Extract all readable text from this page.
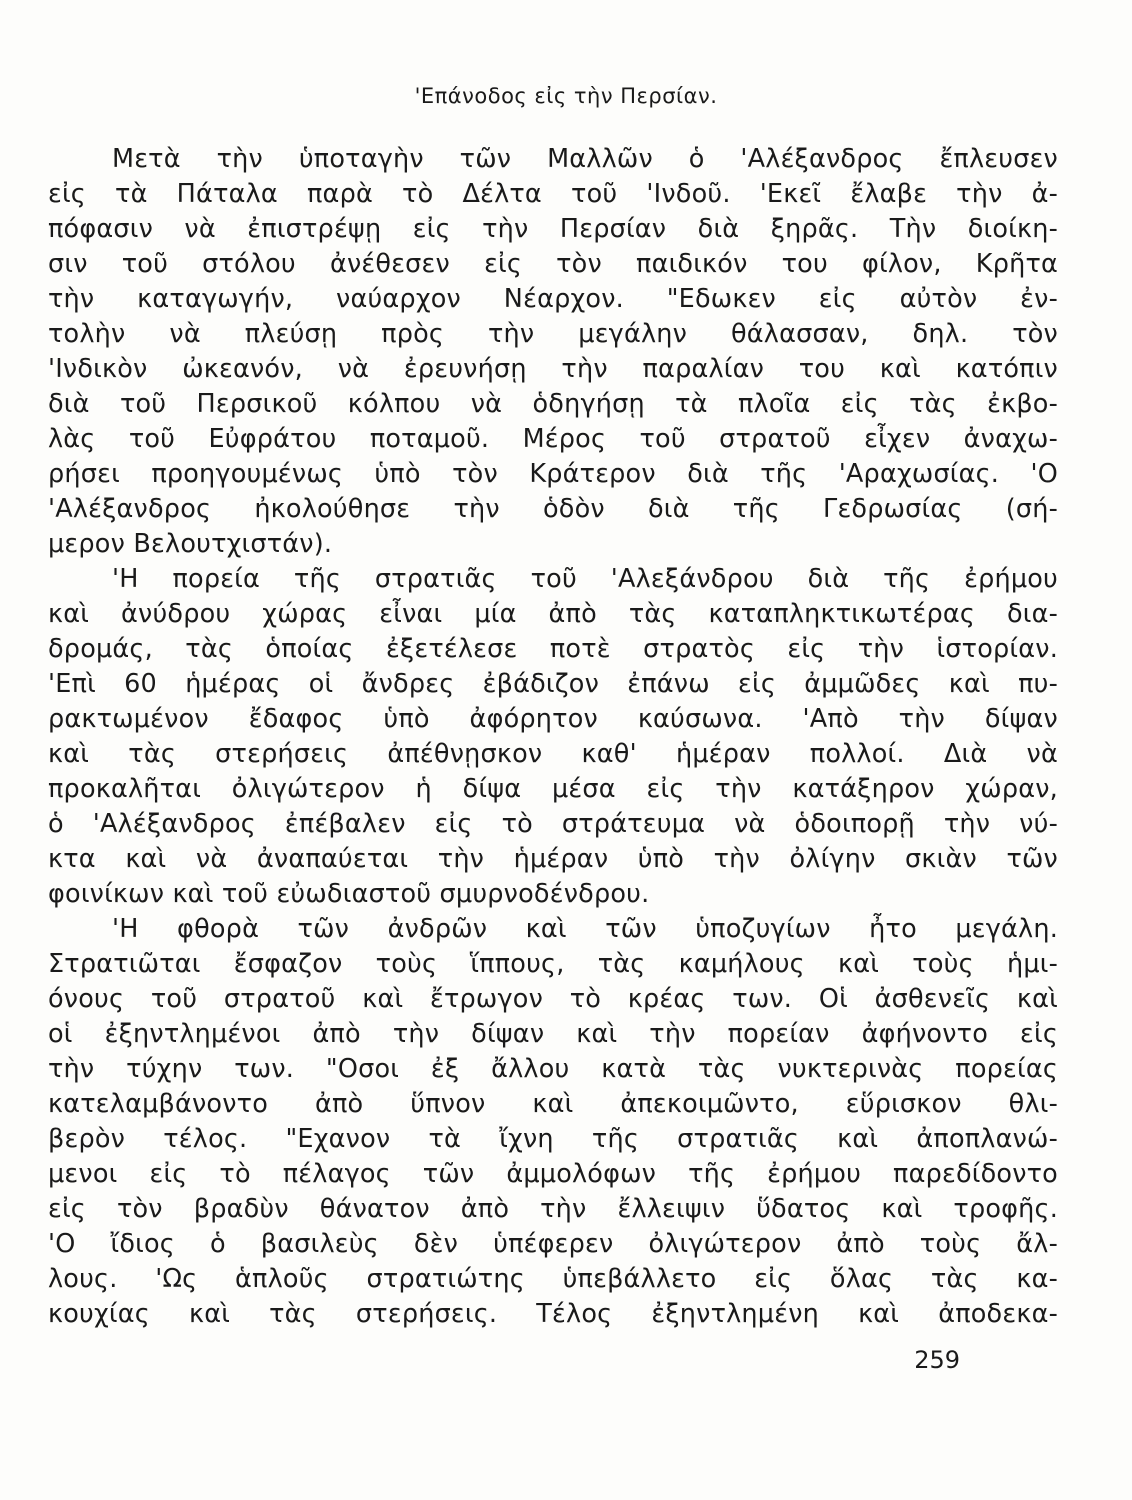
'Επάνοδος εἰς τὴν Περσίαν.
Μετὰ τὴν ὑποταγὴν τῶν Μαλλῶν ὁ 'Αλέξανδρος ἔπλευσεν
εἰς τὰ Πάταλα παρὰ τὸ Δέλτα τοῦ 'Ινδοῦ. 'Εκεῖ ἔλαβε τὴν ἀ-
πόφασιν νὰ ἐπιστρέψῃ εἰς τὴν Περσίαν διὰ ξηρᾶς. Τὴν διοίκη-
σιν τοῦ στόλου ἀνέθεσεν εἰς τὸν παιδικόν του φίλον, Κρῆτα
τὴν καταγωγήν, ναύαρχον Νέαρχον. "Εδωκεν εἰς αὐτὸν ἐν-
τολὴν νὰ πλεύσῃ πρὸς τὴν μεγάλην θάλασσαν, δηλ. τὸν
'Ινδικὸν ὠκεανόν, νὰ ἐρευνήσῃ τὴν παραλίαν του καὶ κατόπιν
διὰ τοῦ Περσικοῦ κόλπου νὰ ὁδηγήσῃ τὰ πλοῖα εἰς τὰς ἐκβο-
λὰς τοῦ Εὐφράτου ποταμοῦ. Μέρος τοῦ στρατοῦ εἶχεν ἀναχω-
ρήσει προηγουμένως ὑπὸ τὸν Κράτερον διὰ τῆς 'Αραχωσίας. 'Ο
'Αλέξανδρος ἠκολούθησε τὴν ὁδὸν διὰ τῆς Γεδρωσίας (σή-
μερον Βελουτχιστάν).
'Η πορεία τῆς στρατιᾶς τοῦ 'Αλεξάνδρου διὰ τῆς ἐρήμου
καὶ ἀνύδρου χώρας εἶναι μία ἀπὸ τὰς καταπληκτικωτέρας δια-
δρομάς, τὰς ὁποίας ἐξετέλεσε ποτὲ στρατὸς εἰς τὴν ἱστορίαν.
'Επὶ 60 ἡμέρας οἱ ἄνδρες ἐβάδιζον ἐπάνω εἰς ἀμμῶδες καὶ πυ-
ρακτωμένον ἔδαφος ὑπὸ ἀφόρητον καύσωνα. 'Απὸ τὴν δίψαν
καὶ τὰς στερήσεις ἀπέθνῃσκον καθ' ἡμέραν πολλοί. Διὰ νὰ
προκαλῆται ὀλιγώτερον ἡ δίψα μέσα εἰς τὴν κατάξηρον χώραν,
ὁ 'Αλέξανδρος ἐπέβαλεν εἰς τὸ στράτευμα νὰ ὁδοιπορῇ τὴν νύ-
κτα καὶ νὰ ἀναπαύεται τὴν ἡμέραν ὑπὸ τὴν ὀλίγην σκιὰν τῶν
φοινίκων καὶ τοῦ εὐωδιαστοῦ σμυρνοδένδρου.
'Η φθορὰ τῶν ἀνδρῶν καὶ τῶν ὑποζυγίων ἦτο μεγάλη.
Στρατιῶται ἔσφαζον τοὺς ἵππους, τὰς καμήλους καὶ τοὺς ἡμι-
όνους τοῦ στρατοῦ καὶ ἔτρωγον τὸ κρέας των. Οἱ ἀσθενεῖς καὶ
οἱ ἐξηντλημένοι ἀπὸ τὴν δίψαν καὶ τὴν πορείαν ἀφήνοντο εἰς
τὴν τύχην των. "Οσοι ἐξ ἄλλου κατὰ τὰς νυκτερινὰς πορείας
κατελαμβάνοντο ἀπὸ ὕπνον καὶ ἀπεκοιμῶντο, εὕρισκον θλι-
βερὸν τέλος. "Εχανον τὰ ἴχνη τῆς στρατιᾶς καὶ ἀποπλανώ-
μενοι εἰς τὸ πέλαγος τῶν ἀμμολόφων τῆς ἐρήμου παρεδίδοντο
εἰς τὸν βραδὺν θάνατον ἀπὸ τὴν ἔλλειψιν ὕδατος καὶ τροφῆς.
'Ο ἴδιος ὁ βασιλεὺς δὲν ὑπέφερεν ὀλιγώτερον ἀπὸ τοὺς ἄλ-
λους. 'Ως ἁπλοῦς στρατιώτης ὑπεβάλλετο εἰς ὅλας τὰς κα-
κουχίας καὶ τὰς στερήσεις. Τέλος ἐξηντλημένη καὶ ἀποδεκα-
259
